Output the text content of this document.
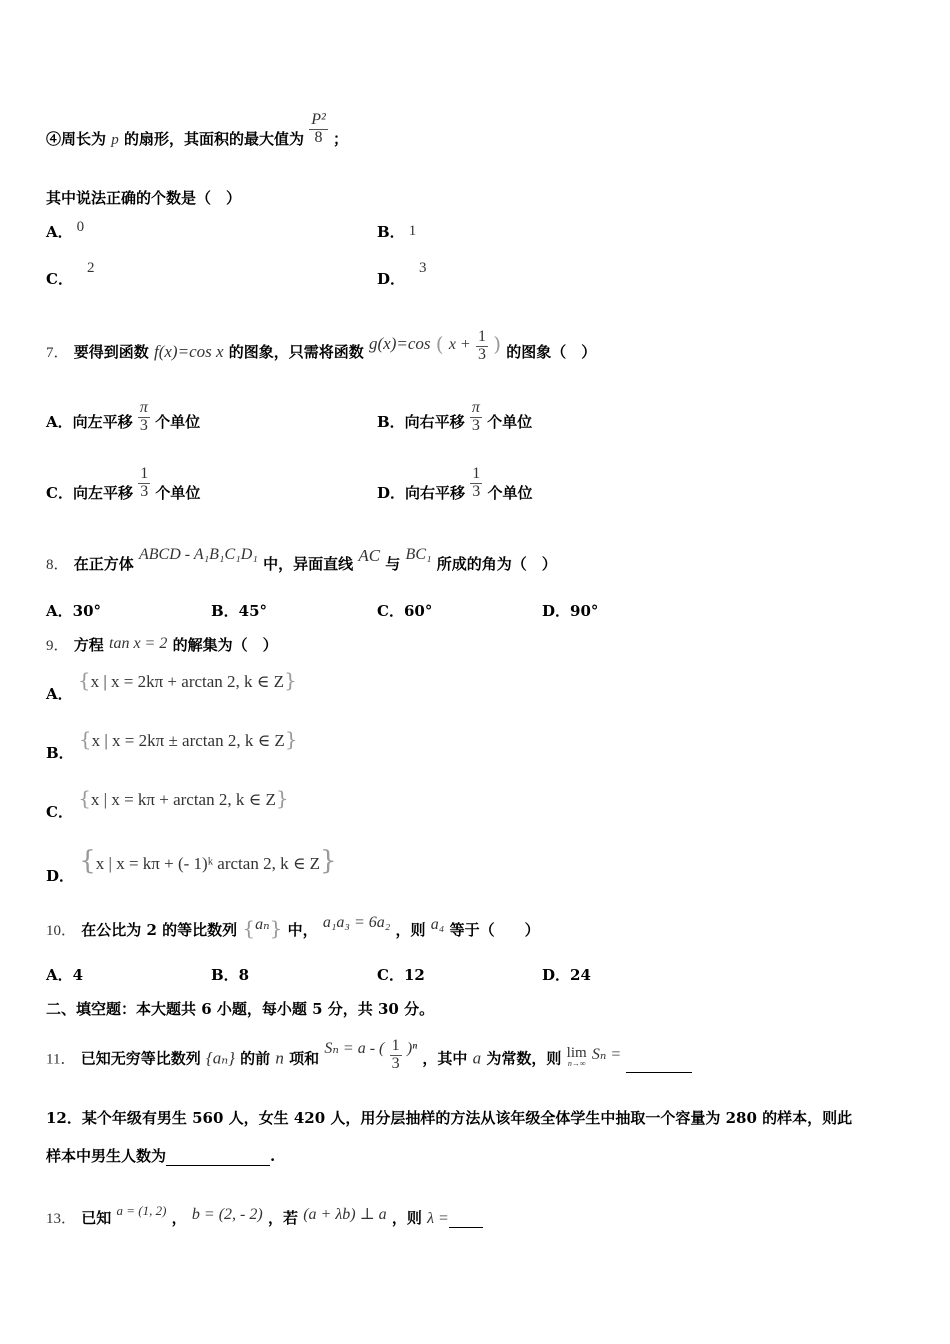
④周长为 p 的扇形，其面积的最大值为 $\frac{\text{P²}}{8}$ ；
其中说法正确的个数是（　）
A． 0	B． 1
C．2
D．3
7． 要得到函数 f(x)=cos x 的图象，只需将函数 g(x)=cos ( $x + \frac{1}{3}$ ) 的图象（　）
A．向左平移 $\frac{\pi}{3}$ 个单位	B．向右平移 $\frac{\pi}{3}$ 个单位
C．向左平移 $\frac{1}{3}$ 个单位	D．向右平移 $\frac{1}{3}$ 个单位
8． 在正方体 ABCD - A₁B₁C₁D₁ 中，异面直线 AC 与 BC₁ 所成的角为（　）
A．30°	B．45°	C．60°	D．90°
9． 方程 tan x = 2 的解集为（　）
A． {x | x = 2kπ + arctan 2, k ∈ Z}
B． {x | x = 2kπ ± arctan 2, k ∈ Z}
C． {x | x = kπ + arctan 2, k ∈ Z}
D． {x | x = kπ + (- 1)ᵏ arctan 2, k ∈ Z}
10． 在公比为 2 的等比数列 {aₙ} 中， a₁a₃ = 6a₂ ，则 a₄ 等于（　　）
A．4	B．8	C．12	D．24
二、填空题：本大题共 6 小题，每小题 5 分，共 30 分。
11． 已知无穷等比数列 {aₙ} 的前 n 项和 Sₙ = a - ( $\frac{1}{3} )^n$ ，其中 a 为常数，则 lim
n→∞
Sₙ =
12．某个年级有男生 560 人，女生 420 人，用分层抽样的方法从该年级全体学生中抽取一个容量为 280 的样本，则此
样本中男生人数为	.
13． 已知 a = (1, 2) ， b = (2, - 2) ，若 (a + λb) ⊥ a ，则 λ =
